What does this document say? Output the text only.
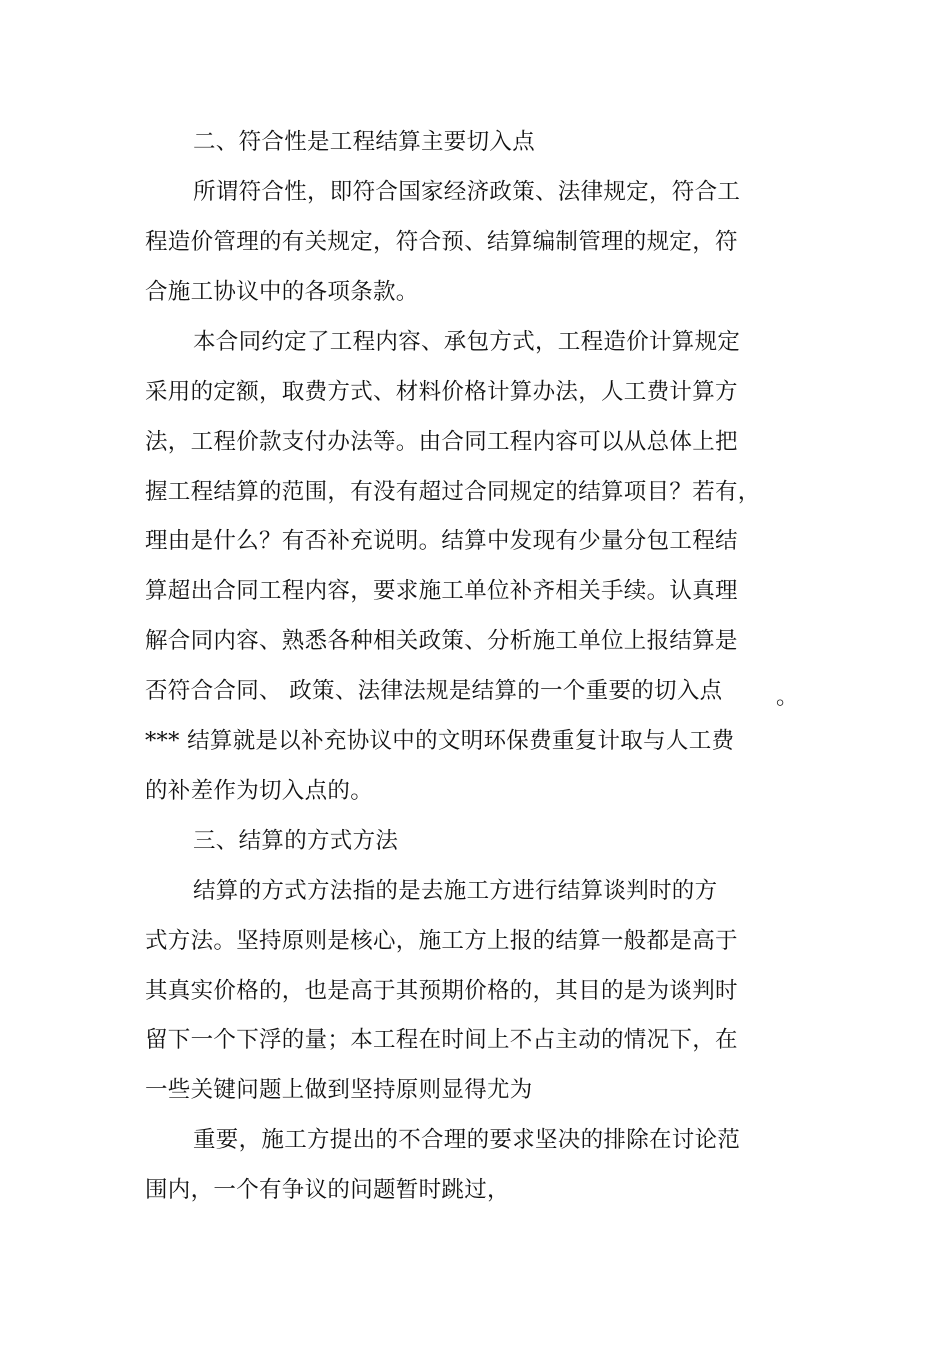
二、符合性是工程结算主要切入点
所谓符合性，即符合国家经济政策、法律规定，符合工
程造价管理的有关规定，符合预、结算编制管理的规定，符
合施工协议中的各项条款。
本合同约定了工程内容、承包方式，工程造价计算规定
采用的定额，取费方式、材料价格计算办法，人工费计算方
法，工程价款支付办法等。由合同工程内容可以从总体上把
握工程结算的范围，有没有超过合同规定的结算项目？若有，
理由是什么？有否补充说明。结算中发现有少量分包工程结
算超出合同工程内容，要求施工单位补齐相关手续。认真理
解合同内容、熟悉各种相关政策、分析施工单位上报结算是
否符合合同、 政策、法律法规是结算的一个重要的切入点	。
*** 结算就是以补充协议中的文明环保费重复计取与人工费
的补差作为切入点的。
三、结算的方式方法
结算的方式方法指的是去施工方进行结算谈判时的方
式方法。坚持原则是核心，施工方上报的结算一般都是高于
其真实价格的，也是高于其预期价格的，其目的是为谈判时
留下一个下浮的量；本工程在时间上不占主动的情况下，在
一些关键问题上做到坚持原则显得尤为
重要，施工方提出的不合理的要求坚决的排除在讨论范
围内，一个有争议的问题暂时跳过，
